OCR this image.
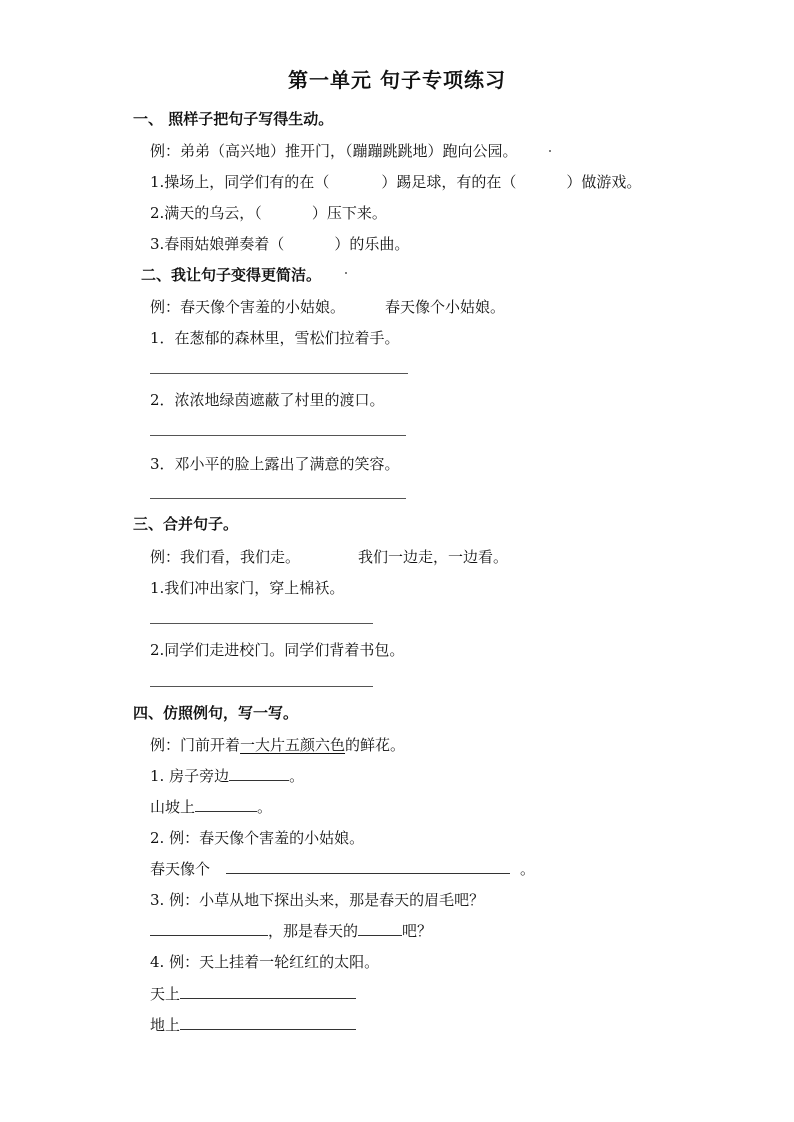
第一单元 句子专项练习
一、 照样子把句子写得生动。
例：弟弟（高兴地）推开门，（蹦蹦跳跳地）跑向公园。
1.操场上，同学们有的在（	）踢足球，有的在（	）做游戏。
2.满天的乌云，（	）压下来。
3.春雨姑娘弹奏着（	）的乐曲。
二、我让句子变得更简洁。
例：春天像个害羞的小姑娘。	春天像个小姑娘。
1．在葱郁的森林里，雪松们拉着手。
2．浓浓地绿茵遮蔽了村里的渡口。
3．邓小平的脸上露出了满意的笑容。
三、合并句子。
例：我们看，我们走。	我们一边走，一边看。
1.我们冲出家门，穿上棉袄。
2.同学们走进校门。同学们背着书包。
四、仿照例句，写一写。
例：门前开着一大片五颜六色的鲜花。
1. 房子旁边	。
山坡上	。
2. 例：春天像个害羞的小姑娘。
春天像个	。
3. 例：小草从地下探出头来，那是春天的眉毛吧？
，那是春天的	吧？
4. 例：天上挂着一轮红红的太阳。
天上
地上
